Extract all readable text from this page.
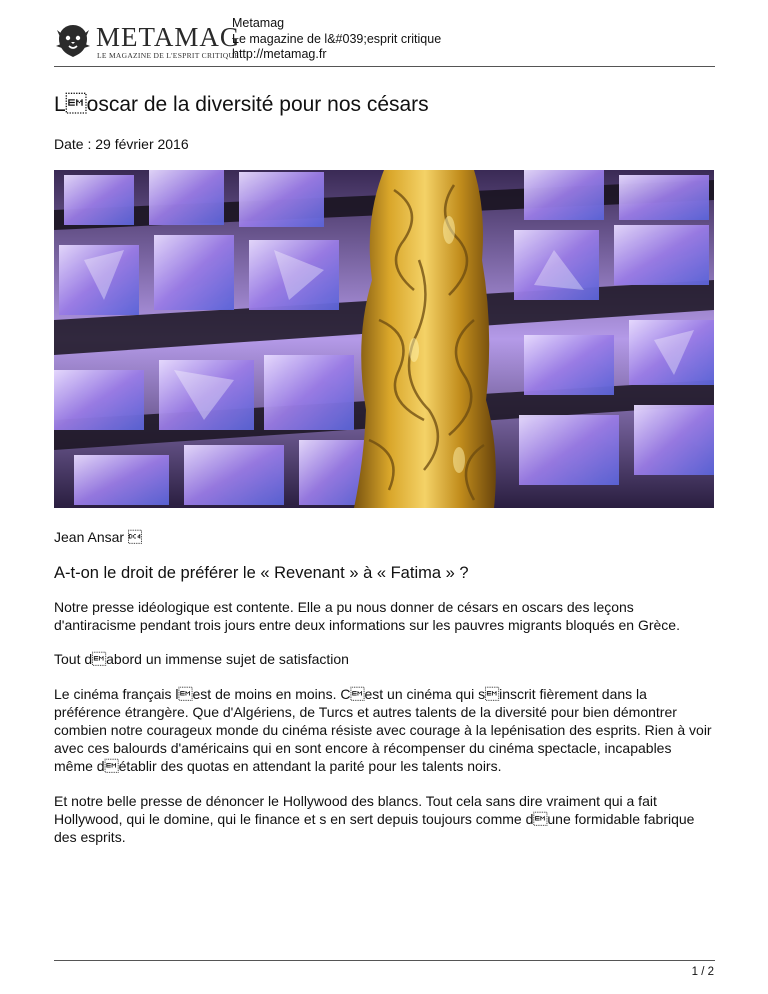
METAMAG
LE MAGAZINE DE L'ESPRIT CRITIQUE
Metamag
Le magazine de l&#039;esprit critique
http://metamag.fr
Loscar de la diversité pour nos césars
Date : 29 février 2016
Jean Ansar 
A-t-on le droit de préférer le « Revenant » à « Fatima » ?

Notre presse idéologique est contente. Elle a pu nous donner de césars en oscars des leçons d'antiracisme pendant trois jours entre deux informations sur les pauvres migrants bloqués en Grèce.

Tout dabord un immense sujet de satisfaction

Le cinéma français lest de moins en moins. Cest un cinéma qui sinscrit fièrement dans la préférence étrangère. Que d'Algériens, de Turcs et autres talents de la diversité pour bien démontrer combien notre courageux monde du cinéma résiste avec courage à la lepénisation des esprits. Rien à voir avec ces balourds d'américains qui en sont encore à récompenser du cinéma spectacle, incapables même détablir des quotas en attendant la parité pour les talents noirs.

Et notre belle presse de dénoncer le Hollywood des blancs. Tout cela sans dire vraiment qui a fait Hollywood, qui le domine, qui le finance et s en sert depuis toujours comme dune formidable fabrique des esprits.

1 / 2
